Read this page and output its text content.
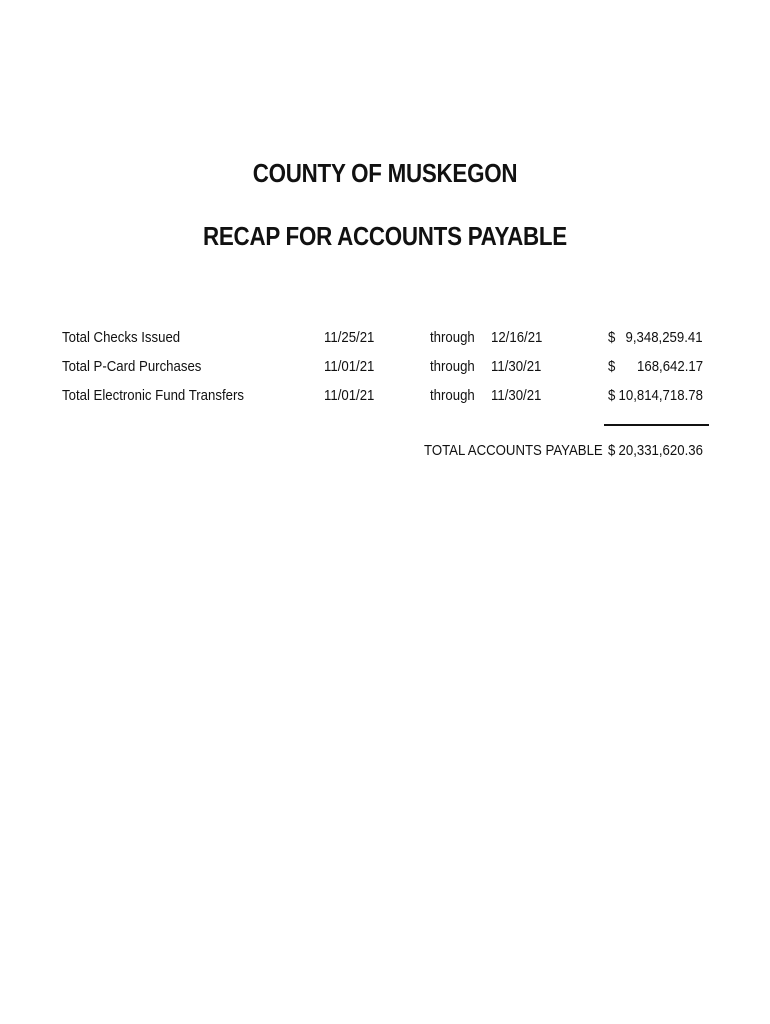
COUNTY OF MUSKEGON
RECAP FOR ACCOUNTS PAYABLE
Total Checks Issued	11/25/21	through 12/16/21	$ 9,348,259.41
Total P-Card Purchases	11/01/21	through 11/30/21	$ 168,642.17
Total Electronic Fund Transfers	11/01/21	through 11/30/21	$ 10,814,718.78
TOTAL ACCOUNTS PAYABLE $ 20,331,620.36
